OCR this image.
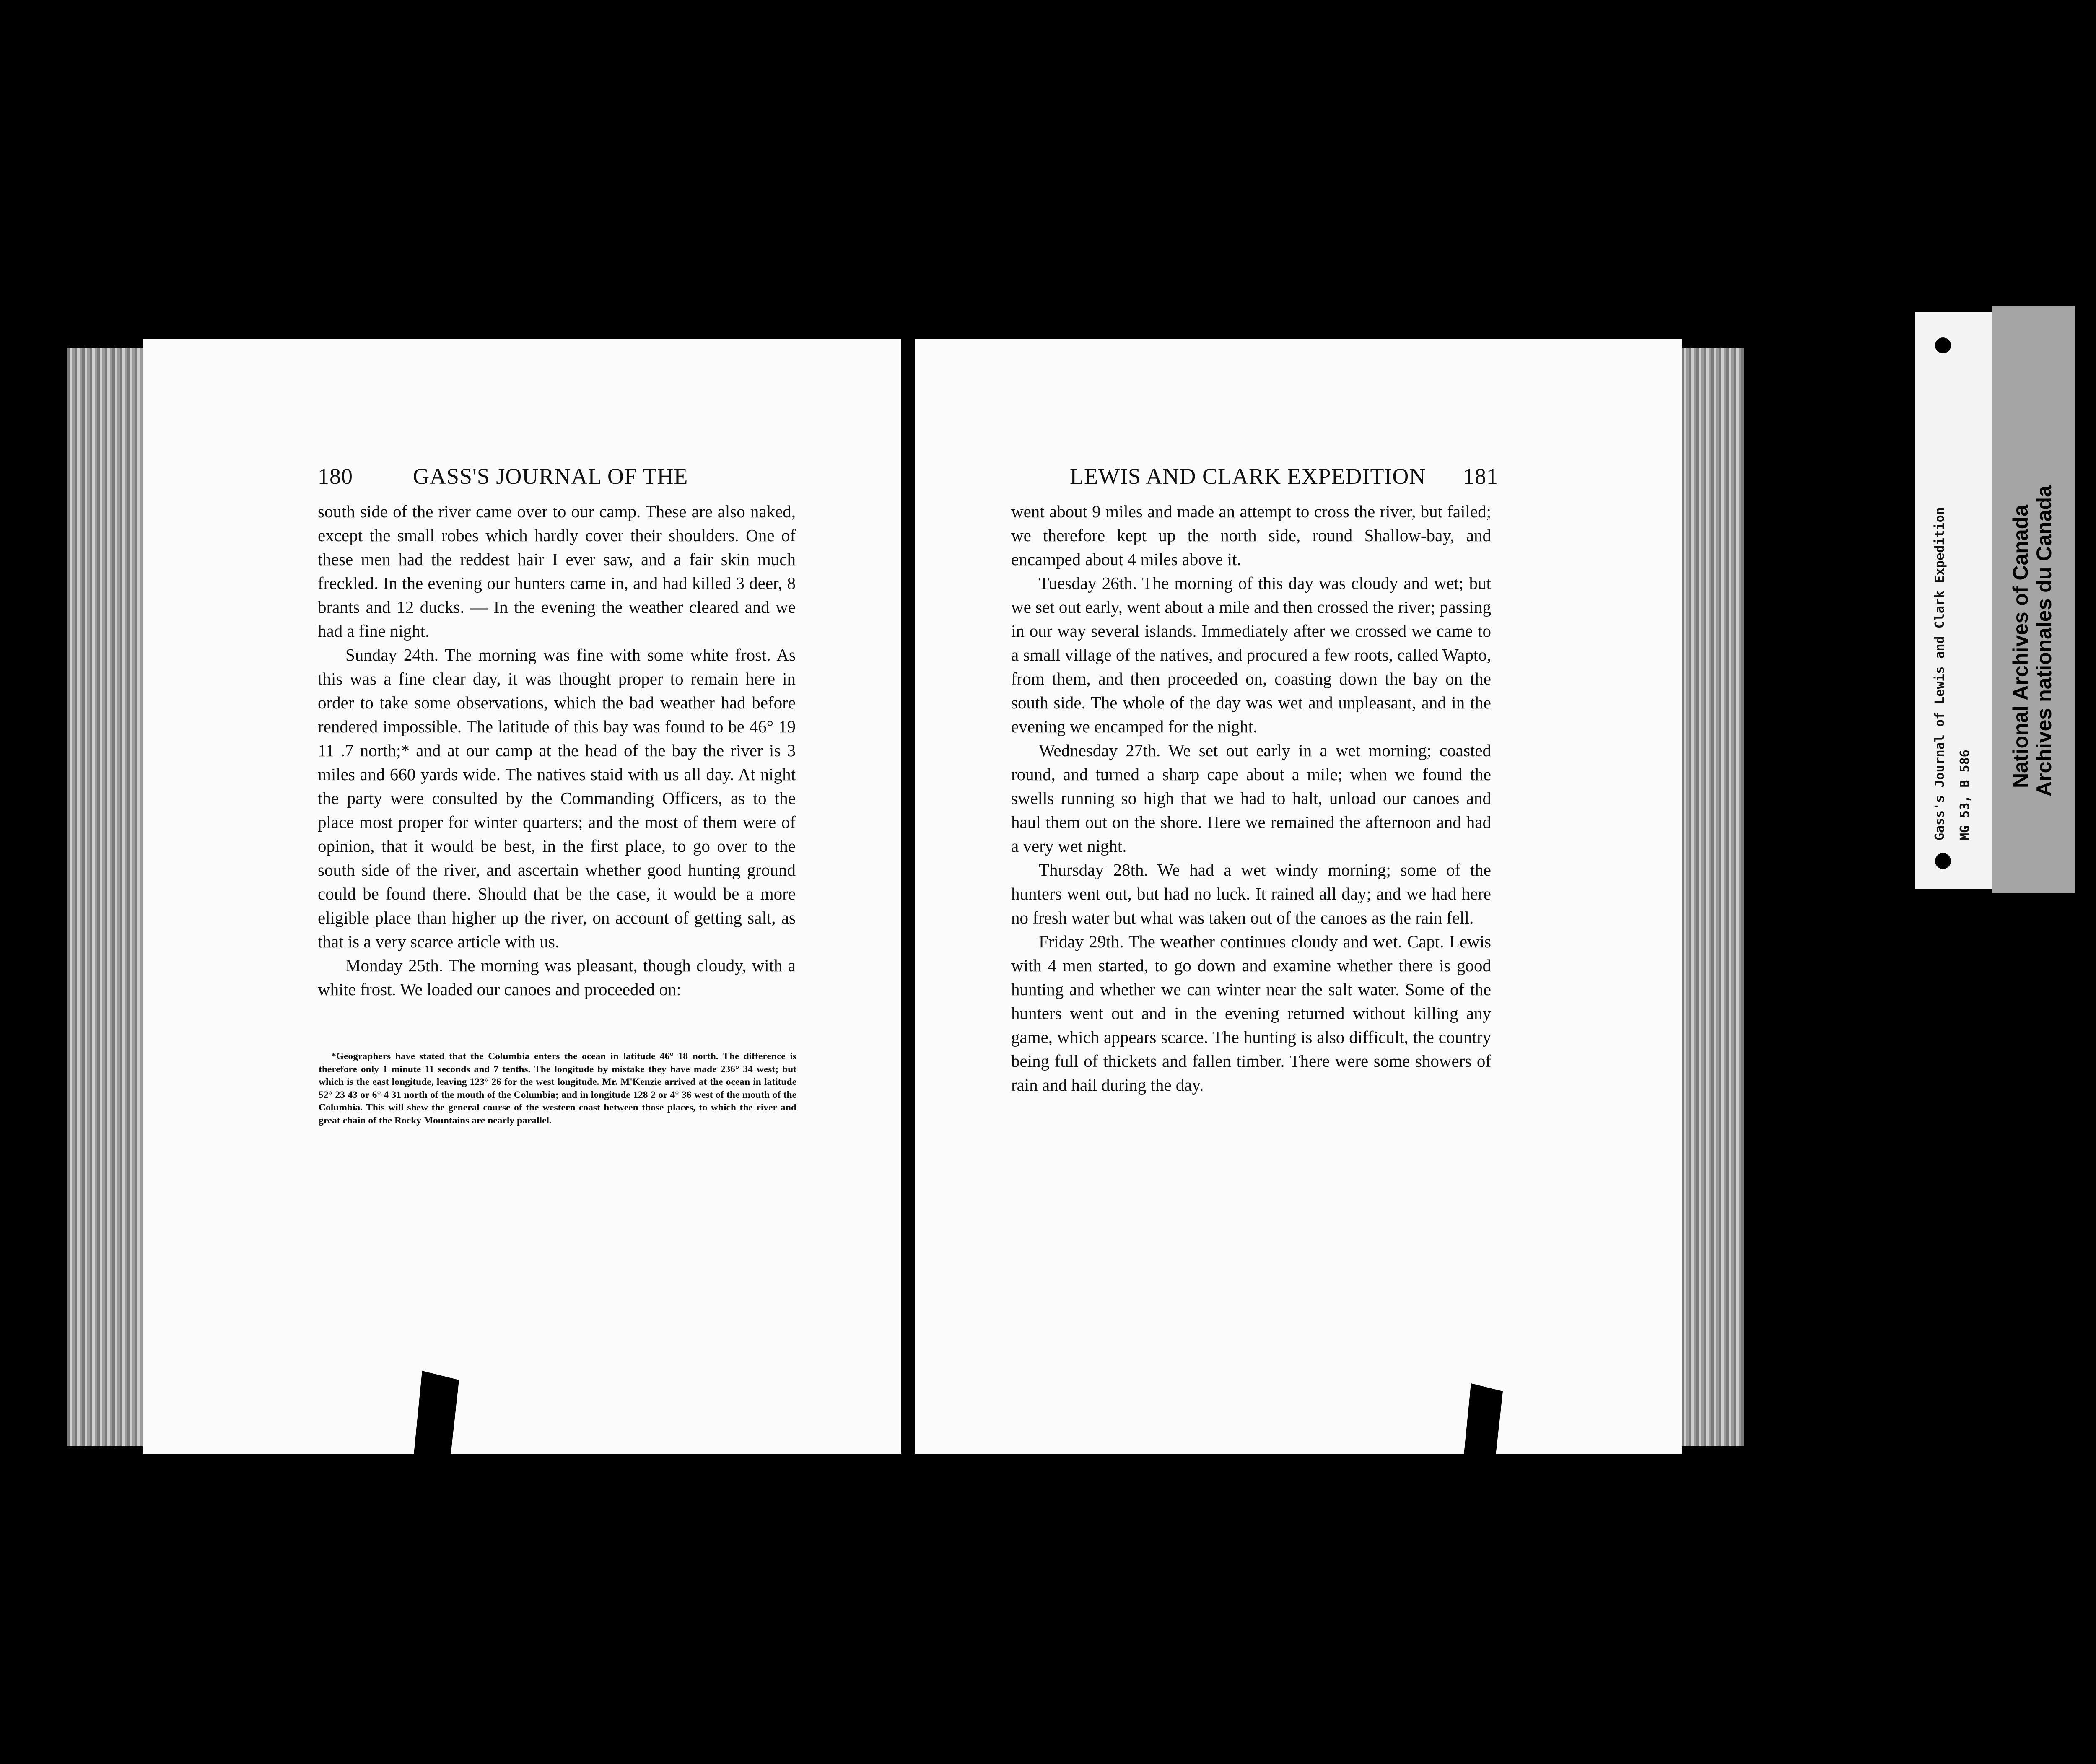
180	GASS'S JOURNAL OF THE

south side of the river came over to our camp. These are also naked, except the small robes which hardly cover their shoulders. One of these men had the reddest hair I ever saw, and a fair skin much freckled. In the evening our hunters came in, and had killed 3 deer, 8 brants and 12 ducks. — In the evening the weather cleared and we had a fine night.

Sunday 24th. The morning was fine with some white frost. As this was a fine clear day, it was thought proper to remain here in order to take some observations, which the bad weather had before rendered impossible. The latitude of this bay was found to be 46° 19 11 .7 north;* and at our camp at the head of the bay the river is 3 miles and 660 yards wide. The natives staid with us all day. At night the party were consulted by the Commanding Officers, as to the place most proper for winter quarters; and the most of them were of opinion, that it would be best, in the first place, to go over to the south side of the river, and ascertain whether good hunting ground could be found there. Should that be the case, it would be a more eligible place than higher up the river, on account of getting salt, as that is a very scarce article with us.

Monday 25th. The morning was pleasant, though cloudy, with a white frost. We loaded our canoes and proceeded on:

*Geographers have stated that the Columbia enters the ocean in latitude 46° 18 north. The difference is therefore only 1 minute 11 seconds and 7 tenths. The longitude by mistake they have made 236° 34 west; but which is the east longitude, leaving 123° 26 for the west longitude. Mr. M'Kenzie arrived at the ocean in latitude 52° 23 43 or 6° 4 31 north of the mouth of the Columbia; and in longitude 128 2 or 4° 36 west of the mouth of the Columbia. This will shew the general course of the western coast between those places, to which the river and great chain of the Rocky Mountains are nearly parallel.
LEWIS AND CLARK EXPEDITION 181

went about 9 miles and made an attempt to cross the river, but failed; we therefore kept up the north side, round Shallow-bay, and encamped about 4 miles above it.

Tuesday 26th. The morning of this day was cloudy and wet; but we set out early, went about a mile and then crossed the river; passing in our way several islands. Immediately after we crossed we came to a small village of the natives, and procured a few roots, called Wapto, from them, and then proceeded on, coasting down the bay on the south side. The whole of the day was wet and unpleasant, and in the evening we encamped for the night.

Wednesday 27th. We set out early in a wet morning; coasted round, and turned a sharp cape about a mile; when we found the swells running so high that we had to halt, unload our canoes and haul them out on the shore. Here we remained the afternoon and had a very wet night.

Thursday 28th. We had a wet windy morning; some of the hunters went out, but had no luck. It rained all day; and we had here no fresh water but what was taken out of the canoes as the rain fell.

Friday 29th. The weather continues cloudy and wet. Capt. Lewis with 4 men started, to go down and examine whether there is good hunting and whether we can winter near the salt water. Some of the hunters went out and in the evening returned without killing any game, which appears scarce. The hunting is also difficult, the country being full of thickets and fallen timber. There were some showers of rain and hail during the day.

Gass's Journal of Lewis and Clark Expedition MG 53, B 586
National Archives of Canada Archives nationales du Canada
